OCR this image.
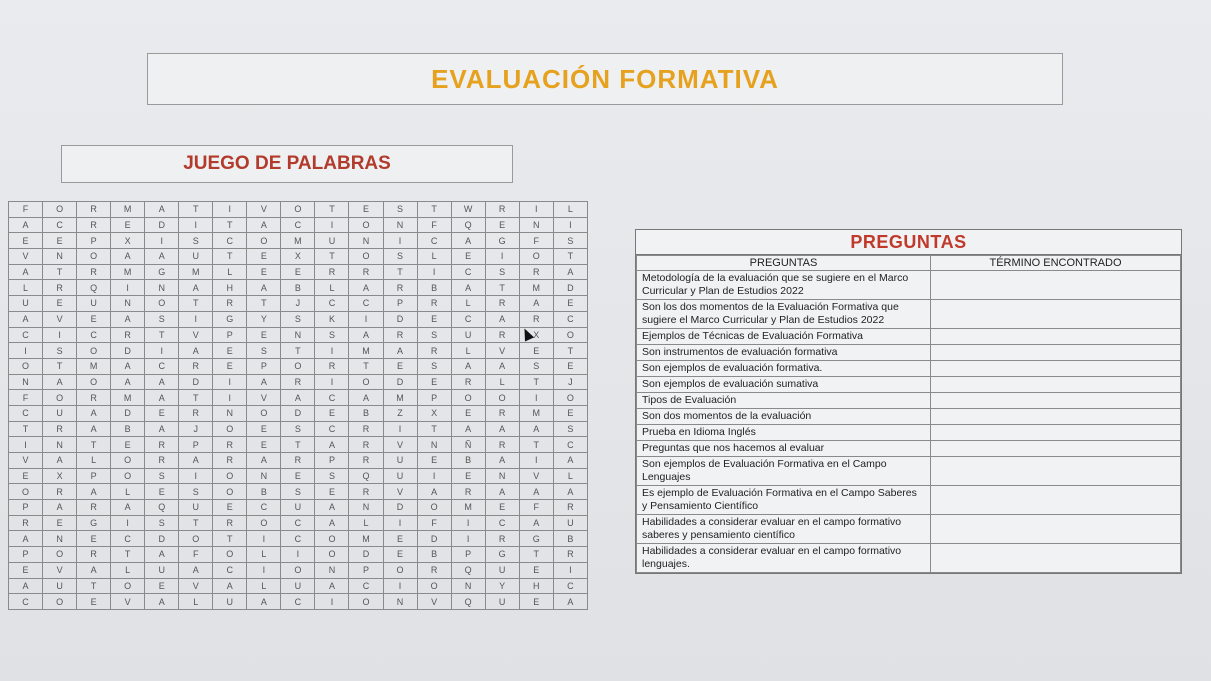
EVALUACIÓN FORMATIVA
JUEGO DE PALABRAS
F	O	R	M	A	T	I	V	O	T	E	S	T	W	R	I	L
A	C	R	E	D	I	T	A	C	I	O	N	F	Q	E	N	I
E	E	P	X	I	S	C	O	M	U	N	I	C	A	G	F	S
V	N	O	A	A	U	T	E	X	T	O	S	L	E	I	O	T
A	T	R	M	G	M	L	E	E	R	R	T	I	C	S	R	A
L	R	Q	I	N	A	H	A	B	L	A	R	B	A	T	M	D
U	E	U	N	O	T	R	T	J	C	C	P	R	L	R	A	E
A	V	E	A	S	I	G	Y	S	K	I	D	E	C	A	R	C
C	I	C	R	T	V	P	E	N	S	A	R	S	U	R	X	O
I	S	O	D	I	A	E	S	T	I	M	A	R	L	V	E	T
O	T	M	A	C	R	E	P	O	R	T	E	S	A	A	S	E
N	A	O	A	A	D	I	A	R	I	O	D	E	R	L	T	J
F	O	R	M	A	T	I	V	A	C	A	M	P	O	O	I	O
C	U	A	D	E	R	N	O	D	E	B	Z	X	E	R	M	E
T	R	A	B	A	J	O	E	S	C	R	I	T	A	A	A	S
I	N	T	E	R	P	R	E	T	A	R	V	N	Ñ	R	T	C
V	A	L	O	R	A	R	A	R	P	R	U	E	B	A	I	A
E	X	P	O	S	I	O	N	E	S	Q	U	I	E	N	V	L
O	R	A	L	E	S	O	B	S	E	R	V	A	R	A	A	A
P	A	R	A	Q	U	E	C	U	A	N	D	O	M	E	F	R
R	E	G	I	S	T	R	O	C	A	L	I	F	I	C	A	U
A	N	E	C	D	O	T	I	C	O	M	E	D	I	R	G	B
P	O	R	T	A	F	O	L	I	O	D	E	B	P	G	T	R
E	V	A	L	U	A	C	I	O	N	P	O	R	Q	U	E	I
A	U	T	O	E	V	A	L	U	A	C	I	O	N	Y	H	C
C	O	E	V	A	L	U	A	C	I	O	N	V	Q	U	E	A
PREGUNTAS
PREGUNTAS	TÉRMINO ENCONTRADO
Metodología de la evaluación que se sugiere en el Marco Curricular y Plan de Estudios 2022	
Son los dos momentos de la Evaluación Formativa que sugiere el Marco Curricular y Plan de Estudios 2022	
Ejemplos de Técnicas de Evaluación Formativa	
Son instrumentos de evaluación formativa	
Son ejemplos de evaluación formativa.	
Son ejemplos de evaluación sumativa	
Tipos de Evaluación	
Son dos momentos de la evaluación	
Prueba en Idioma Inglés	
Preguntas que nos hacemos al evaluar	
Son ejemplos de Evaluación Formativa en el Campo Lenguajes	
Es ejemplo de Evaluación Formativa en el Campo Saberes y Pensamiento Científico	
Habilidades a considerar evaluar en el campo formativo saberes y pensamiento científico	
Habilidades a considerar evaluar en el campo formativo lenguajes.	
